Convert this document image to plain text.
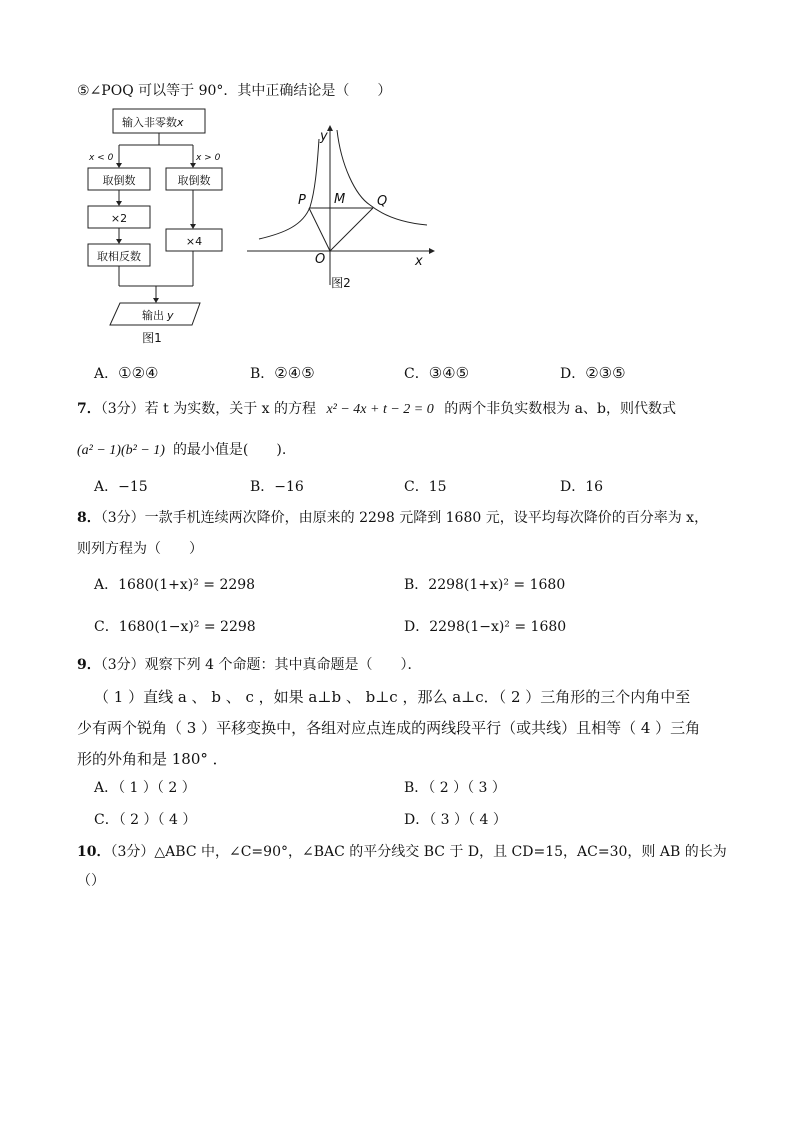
⑤∠POQ 可以等于 90°．其中正确结论是（　　）
输入非零数x
x < 0	x > 0
取倒数	取倒数
×2
×4
取相反数
输出 y
图1
y
x
O
P M Q
图2
A．①②④	B．②④⑤	C．③④⑤	D．②③⑤
7．（3分）若 t 为实数，关于 x 的方程 x² − 4x + t − 2 = 0 的两个非负实数根为 a、b，则代数式
(a² − 1)(b² − 1) 的最小值是(　　).
A．−15	B．−16	C．15	D．16
8．（3分）一款手机连续两次降价，由原来的 2298 元降到 1680 元，设平均每次降价的百分率为 x，
则列方程为（　　）
A．1680(1+x)² = 2298	B．2298(1+x)² = 1680
C．1680(1−x)² = 2298	D．2298(1−x)² = 1680
9．（3分）观察下列 4 个命题：其中真命题是（　　）．
（ 1 ）直线 a 、 b 、 c ，如果 a⊥b 、 b⊥c ，那么 a⊥c．（ 2 ）三角形的三个内角中至
少有两个锐角（ 3 ）平移变换中，各组对应点连成的两线段平行（或共线）且相等（ 4 ）三角
形的外角和是 180° ．
A．（ 1 ）（ 2 ）	B．（ 2 ）（ 3 ）
C．（ 2 ）（ 4 ）	D．（ 3 ）（ 4 ）
10．（3分）△ABC 中，∠C=90°，∠BAC 的平分线交 BC 于 D，且 CD=15，AC=30，则 AB 的长为
（）
